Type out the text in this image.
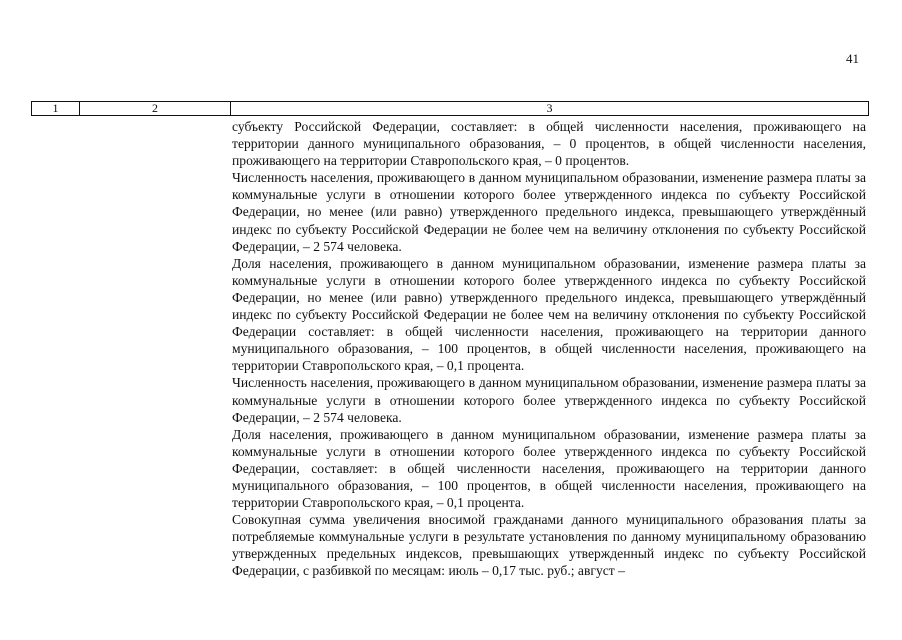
41
1	2	3

субъекту Российской Федерации, составляет: в общей численности населения, проживающего на территории данного муниципального образования, – 0 процентов, в общей численности населения, проживающего на территории Ставропольского края, – 0 процентов.

Численность населения, проживающего в данном муниципальном образовании, изменение размера платы за коммунальные услуги в отношении которого более утвержденного индекса по субъекту Российской Федерации, но менее (или равно) утвержденного предельного индекса, превышающего утверждённый индекс по субъекту Российской Федерации не более чем на величину отклонения по субъекту Российской Федерации, – 2 574 человека.

Доля населения, проживающего в данном муниципальном образовании, изменение размера платы за коммунальные услуги в отношении которого более утвержденного индекса по субъекту Российской Федерации, но менее (или равно) утвержденного предельного индекса, превышающего утверждённый индекс по субъекту Российской Федерации не более чем на величину отклонения по субъекту Российской Федерации составляет: в общей численности населения, проживающего на территории данного муниципального образования, – 100 процентов, в общей численности населения, проживающего на территории Ставропольского края, – 0,1 процента.

Численность населения, проживающего в данном муниципальном образовании, изменение размера платы за коммунальные услуги в отношении которого более утвержденного индекса по субъекту Российской Федерации, – 2 574 человека.

Доля населения, проживающего в данном муниципальном образовании, изменение размера платы за коммунальные услуги в отношении которого более утвержденного индекса по субъекту Российской Федерации, составляет: в общей численности населения, проживающего на территории данного муниципального образования, – 100 процентов, в общей численности населения, проживающего на территории Ставропольского края, – 0,1 процента.

Совокупная сумма увеличения вносимой гражданами данного муниципального образования платы за потребляемые коммунальные услуги в результате установления по данному муниципальному образованию утвержденных предельных индексов, превышающих утвержденный индекс по субъекту Российской Федерации, с разбивкой по месяцам: июль – 0,17 тыс. руб.; август –
